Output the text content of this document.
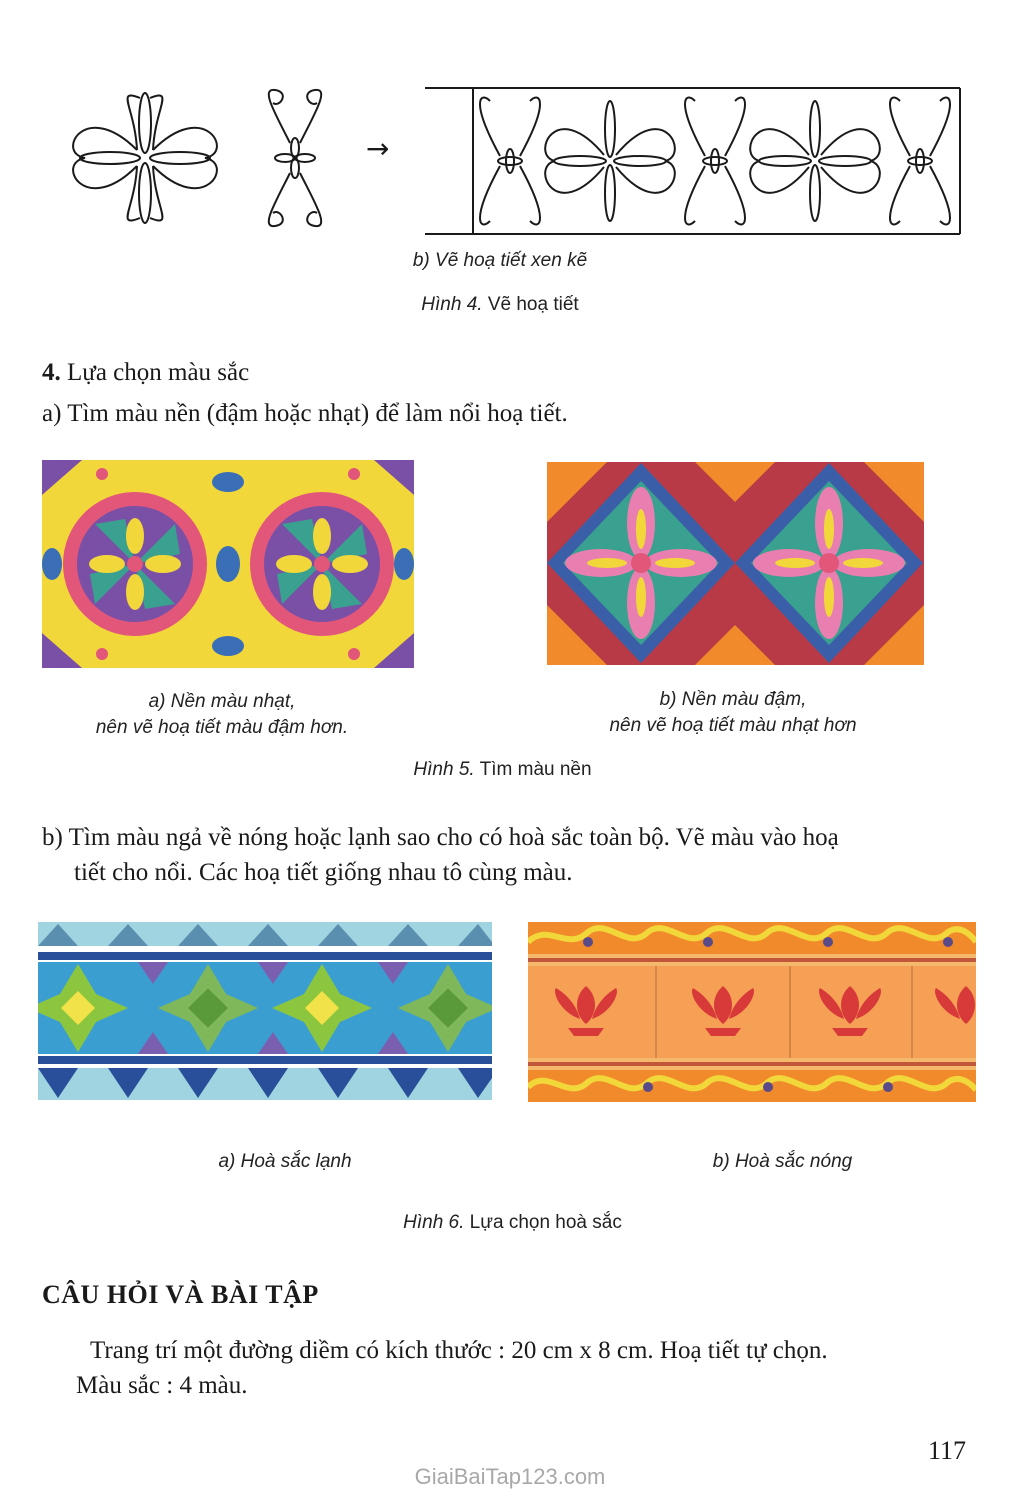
→
b) Vẽ hoạ tiết xen kẽ
Hình 4. Vẽ hoạ tiết
4. Lựa chọn màu sắc
a) Tìm màu nền (đậm hoặc nhạt) để làm nổi hoạ tiết.
a) Nền màu nhạt,
nên vẽ hoạ tiết màu đậm hơn.
b) Nền màu đậm,
nên vẽ hoạ tiết màu nhạt hơn
Hình 5. Tìm màu nền
b) Tìm màu ngả về nóng hoặc lạnh sao cho có hoà sắc toàn bộ. Vẽ màu vào hoạ
tiết cho nổi. Các hoạ tiết giống nhau tô cùng màu.
a) Hoà sắc lạnh	b) Hoà sắc nóng
Hình 6. Lựa chọn hoà sắc
CÂU HỎI VÀ BÀI TẬP
Trang trí một đường diềm có kích thước : 20 cm x 8 cm. Hoạ tiết tự chọn.
Màu sắc : 4 màu.
117
GiaiBaiTap123.com
